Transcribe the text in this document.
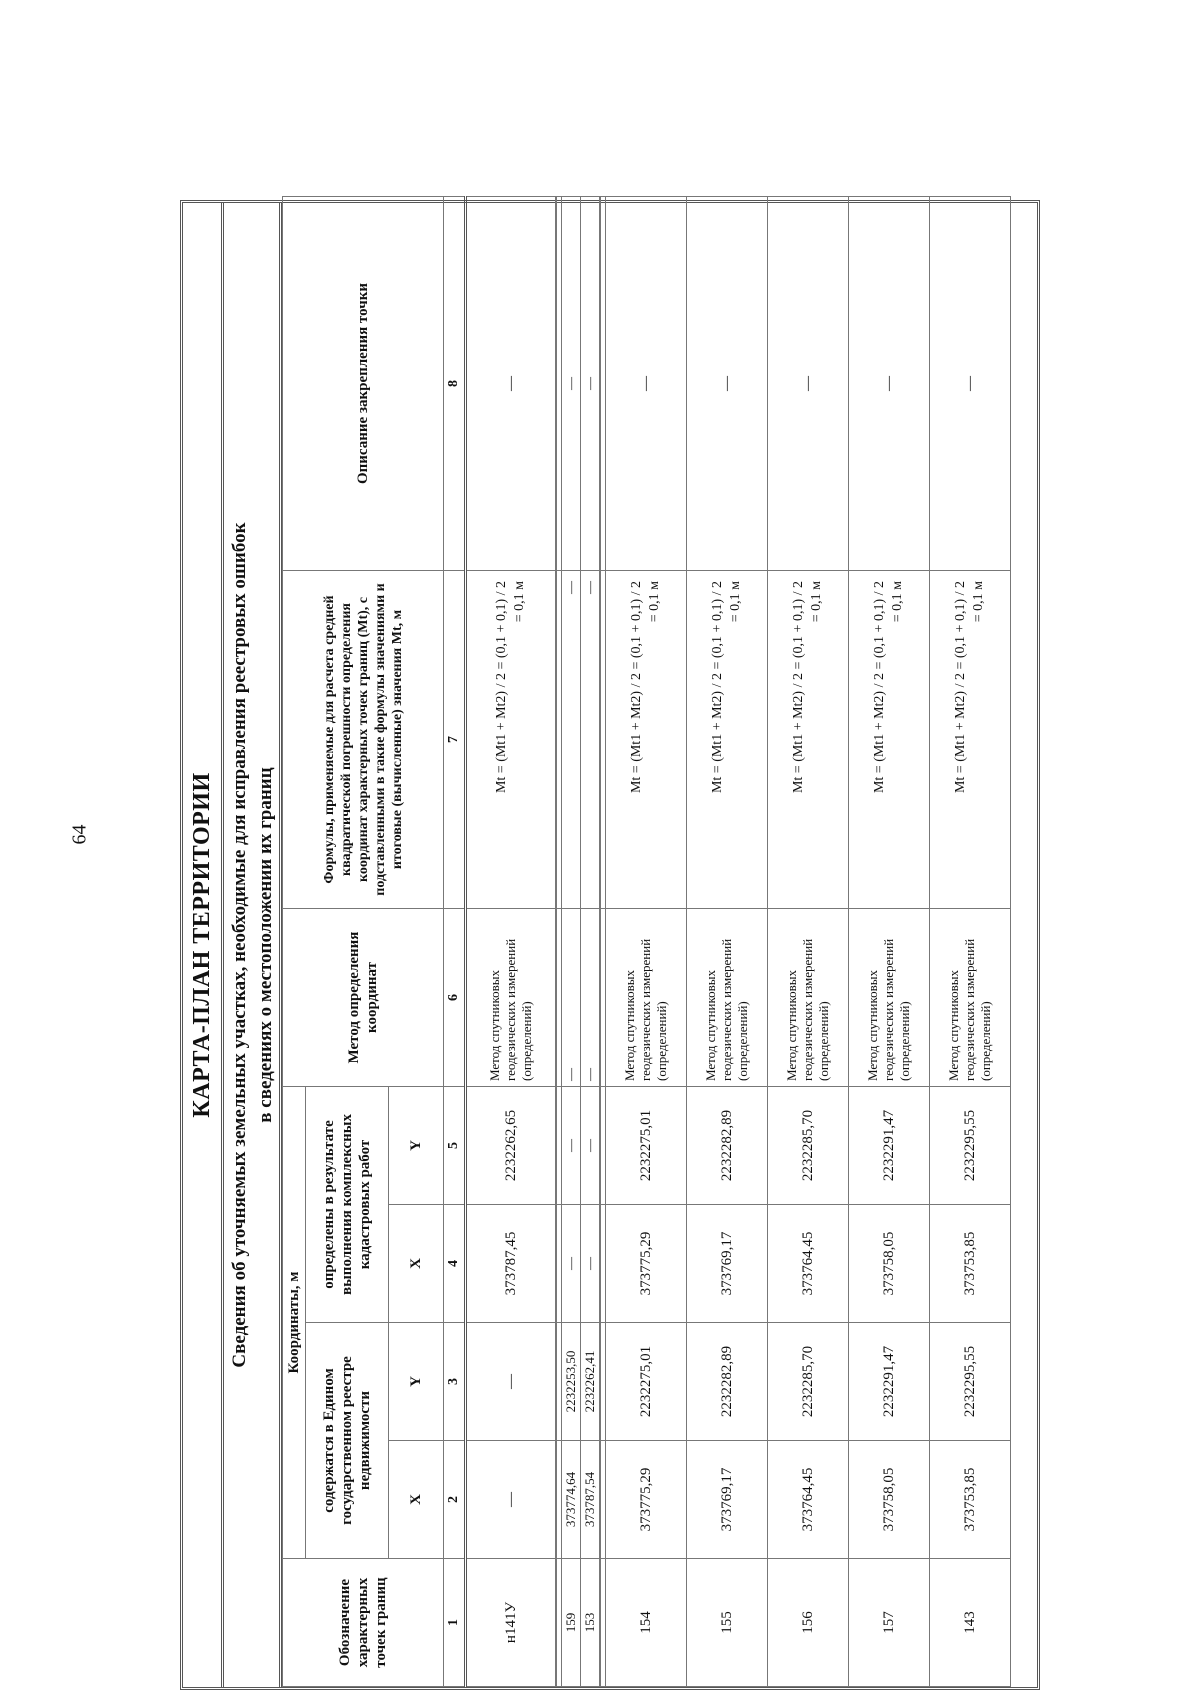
64	КАРТА-ПЛАН ТЕРРИТОРИИ Сведения об уточняемых земельных участках, необходимые для исправления реестровых ошибок в сведениях о местоположении их границ
Обозначение характерных точек границ	Координаты, м				Метод определения координат	Формулы, применяемые для расчета средней квадратической погрешности определения координат характерных точек границ (Мt), с подставленными в такие формулы значениями и итоговые (вычисленные) значения Мt, м	Описание закрепления точки
	содержатся в Едином государственном реестре недвижимости		определены в результате выполнения комплексных кадастровых работ				
	Х	Y	Х	Y			
1	2	3	4	5	6	7	8
н141У	—	—	373787,45	2232262,65	Метод спутниковых геодезических измерений (определений)	Mt = (Mt1 + Mt2) / 2 = (0,1 + 0,1) / 2 = 0,1 м	—

159	373774,64	2232253,50	—	—	—	—	—
153	373787,54	2232262,41	—	—	—	—	—

154	373775,29	2232275,01	373775,29	2232275,01	Метод спутниковых геодезических измерений (определений)	Mt = (Mt1 + Mt2) / 2 = (0,1 + 0,1) / 2 = 0,1 м	—
155	373769,17	2232282,89	373769,17	2232282,89	Метод спутниковых геодезических измерений (определений)	Mt = (Mt1 + Mt2) / 2 = (0,1 + 0,1) / 2 = 0,1 м	—
156	373764,45	2232285,70	373764,45	2232285,70	Метод спутниковых геодезических измерений (определений)	Mt = (Mt1 + Mt2) / 2 = (0,1 + 0,1) / 2 = 0,1 м	—
157	373758,05	2232291,47	373758,05	2232291,47	Метод спутниковых геодезических измерений (определений)	Mt = (Mt1 + Mt2) / 2 = (0,1 + 0,1) / 2 = 0,1 м	—
143	373753,85	2232295,55	373753,85	2232295,55	Метод спутниковых геодезических измерений (определений)	Mt = (Mt1 + Mt2) / 2 = (0,1 + 0,1) / 2 = 0,1 м	—
